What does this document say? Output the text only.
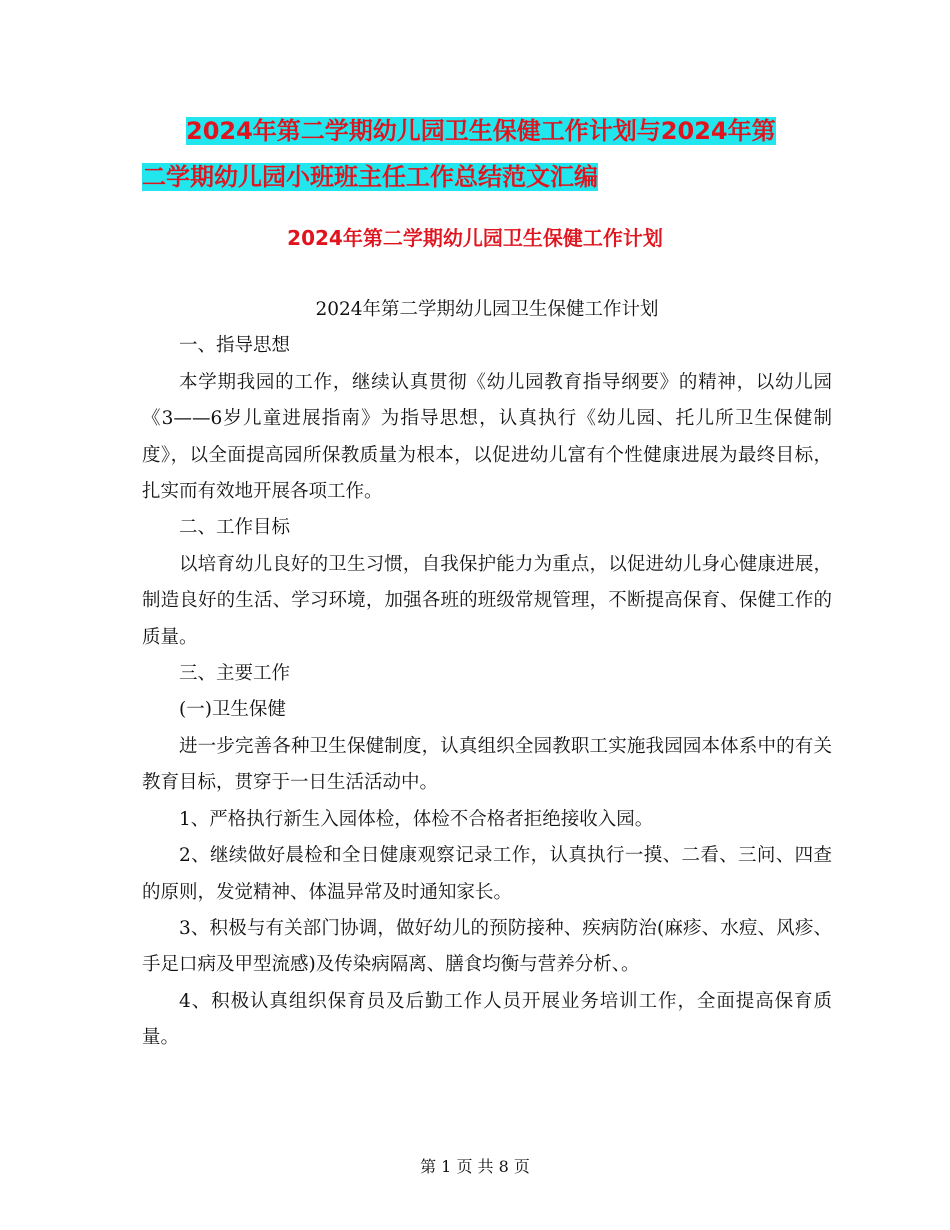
2024年第二学期幼儿园卫生保健工作计划与2024年第
二学期幼儿园小班班主任工作总结范文汇编
2024年第二学期幼儿园卫生保健工作计划

2024年第二学期幼儿园卫生保健工作计划

一、指导思想

本学期我园的工作，继续认真贯彻《幼儿园教育指导纲要》的精神，以幼儿园《3——6岁儿童进展指南》为指导思想，认真执行《幼儿园、托儿所卫生保健制度》，以全面提高园所保教质量为根本，以促进幼儿富有个性健康进展为最终目标，扎实而有效地开展各项工作。

二、工作目标

以培育幼儿良好的卫生习惯，自我保护能力为重点，以促进幼儿身心健康进展，制造良好的生活、学习环境，加强各班的班级常规管理，不断提高保育、保健工作的质量。

三、主要工作

(一)卫生保健

进一步完善各种卫生保健制度，认真组织全园教职工实施我园园本体系中的有关教育目标，贯穿于一日生活活动中。

1、严格执行新生入园体检，体检不合格者拒绝接收入园。

2、继续做好晨检和全日健康观察记录工作，认真执行一摸、二看、三问、四查的原则，发觉精神、体温异常及时通知家长。

3、积极与有关部门协调，做好幼儿的预防接种、疾病防治(麻疹、水痘、风疹、手足口病及甲型流感)及传染病隔离、膳食均衡与营养分析、。

4、积极认真组织保育员及后勤工作人员开展业务培训工作，全面提高保育质量。

第 1 页 共 8 页
